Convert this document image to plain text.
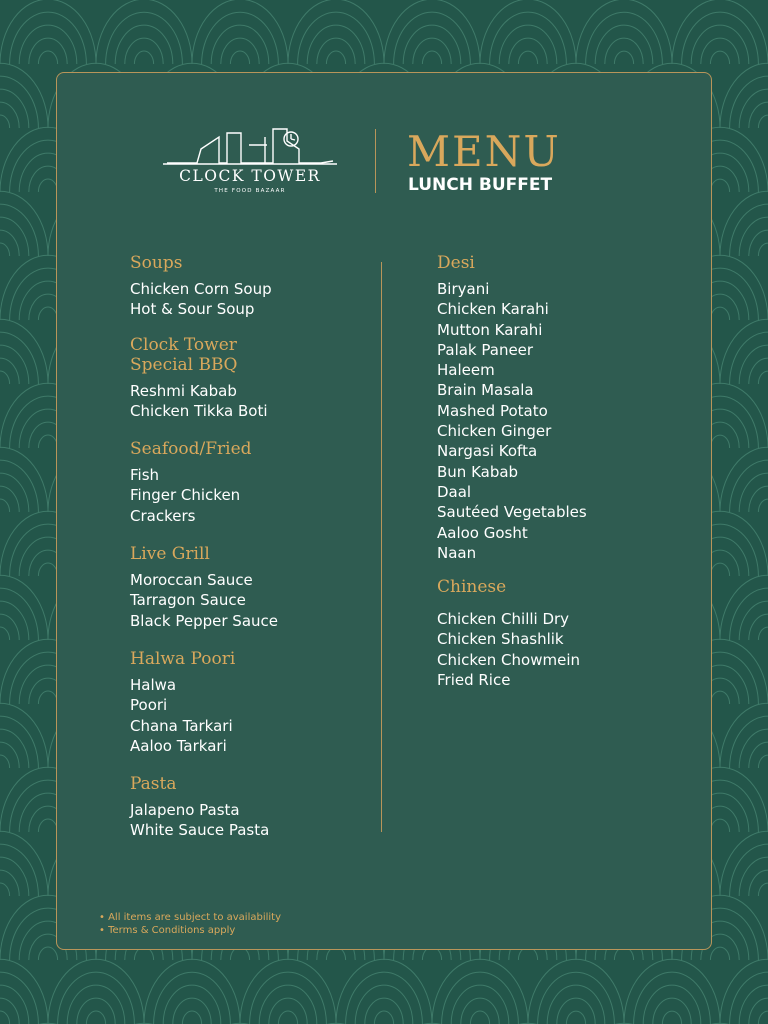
CLOCK TOWER
THE FOOD BAZAAR
MENU
LUNCH BUFFET
Soups
Chicken Corn Soup
Hot & Sour Soup
Clock Tower Special BBQ
Reshmi Kabab
Chicken Tikka Boti
Seafood/Fried
Fish
Finger Chicken
Crackers
Live Grill
Moroccan Sauce
Tarragon Sauce
Black Pepper Sauce
Halwa Poori
Halwa
Poori
Chana Tarkari
Aaloo Tarkari
Pasta
Jalapeno Pasta
White Sauce Pasta
Desi
Biryani
Chicken Karahi
Mutton Karahi
Palak Paneer
Haleem
Brain Masala
Mashed Potato
Chicken Ginger
Nargasi Kofta
Bun Kabab
Daal
Sautéed Vegetables
Aaloo Gosht
Naan
Chinese
Chicken Chilli Dry
Chicken Shashlik
Chicken Chowmein
Fried Rice
• All items are subject to availability
• Terms & Conditions apply
